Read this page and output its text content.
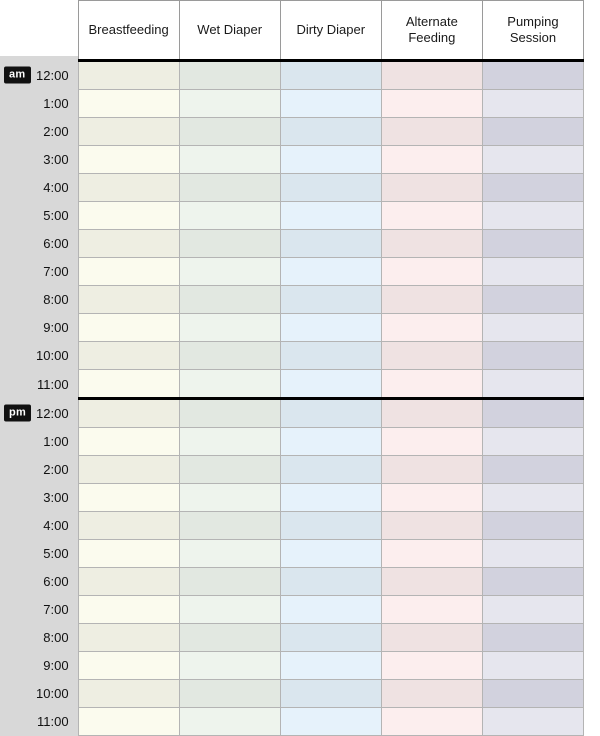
	Breastfeeding	Wet Diaper	Dirty Diaper	Alternate Feeding	Pumping Session

am 12:00					
1:00					
2:00					
3:00					
4:00					
5:00					
6:00					
7:00					
8:00					
9:00					
10:00					
11:00					

pm 12:00					
1:00					
2:00					
3:00					
4:00					
5:00					
6:00					
7:00					
8:00					
9:00					
10:00					
11:00					
